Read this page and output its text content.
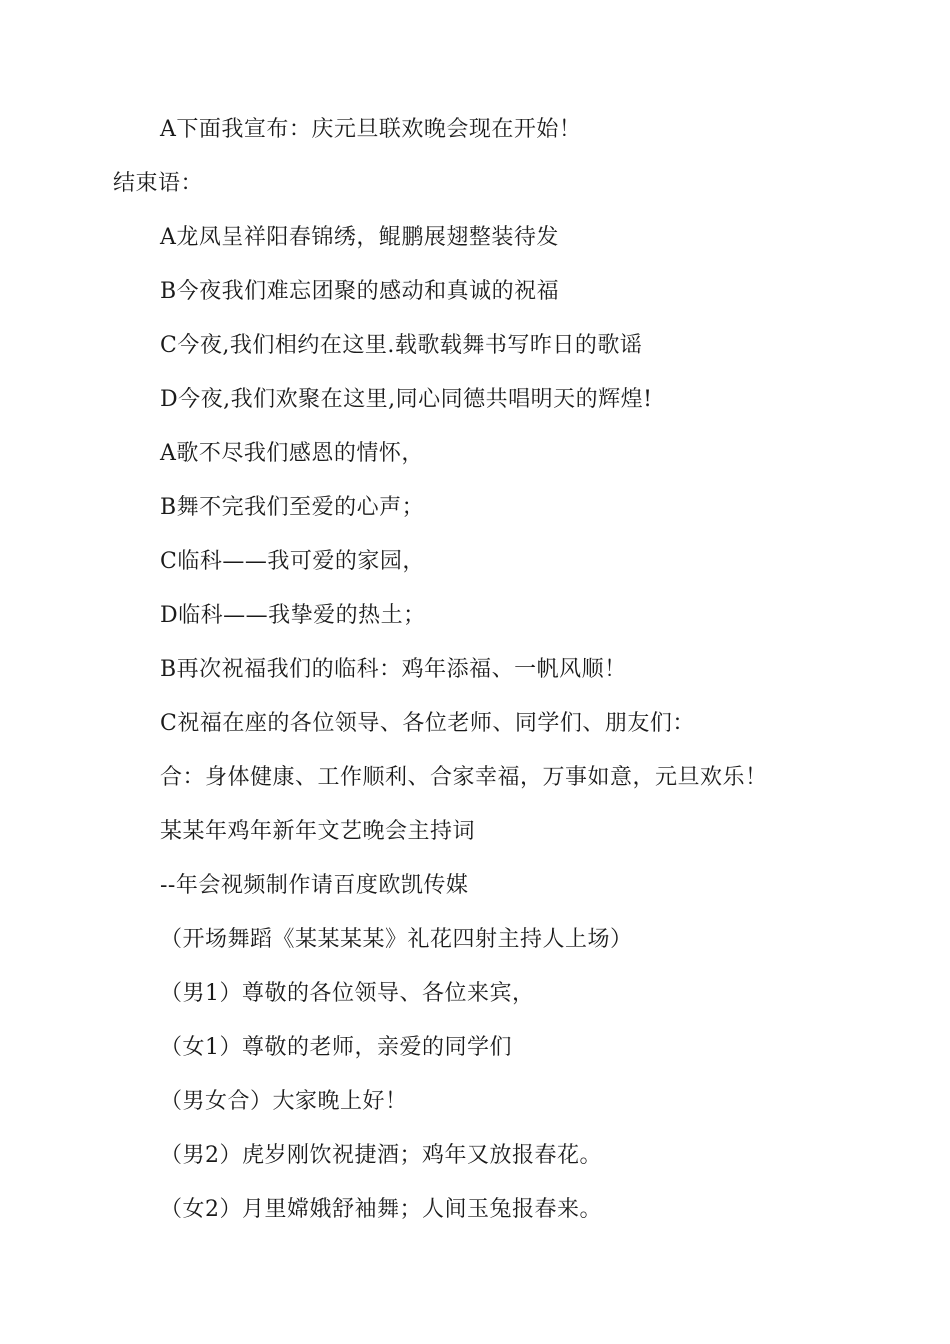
A下面我宣布：庆元旦联欢晚会现在开始！
结束语：
A龙凤呈祥阳春锦绣，鲲鹏展翅整装待发
B今夜我们难忘团聚的感动和真诚的祝福
C今夜,我们相约在这里.载歌载舞书写昨日的歌谣
D今夜,我们欢聚在这里,同心同德共唱明天的辉煌!
A歌不尽我们感恩的情怀，
B舞不完我们至爱的心声；
C临科——我可爱的家园，
D临科——我挚爱的热土；
B再次祝福我们的临科：鸡年添福、一帆风顺！
C祝福在座的各位领导、各位老师、同学们、朋友们：
合：身体健康、工作顺利、合家幸福，万事如意，元旦欢乐！
某某年鸡年新年文艺晚会主持词
--年会视频制作请百度欧凯传媒
（开场舞蹈《某某某某》礼花四射主持人上场）
（男1）尊敬的各位领导、各位来宾，
（女1）尊敬的老师，亲爱的同学们
（男女合）大家晚上好！
（男2）虎岁刚饮祝捷酒；鸡年又放报春花。
（女2）月里嫦娥舒袖舞；人间玉兔报春来。
